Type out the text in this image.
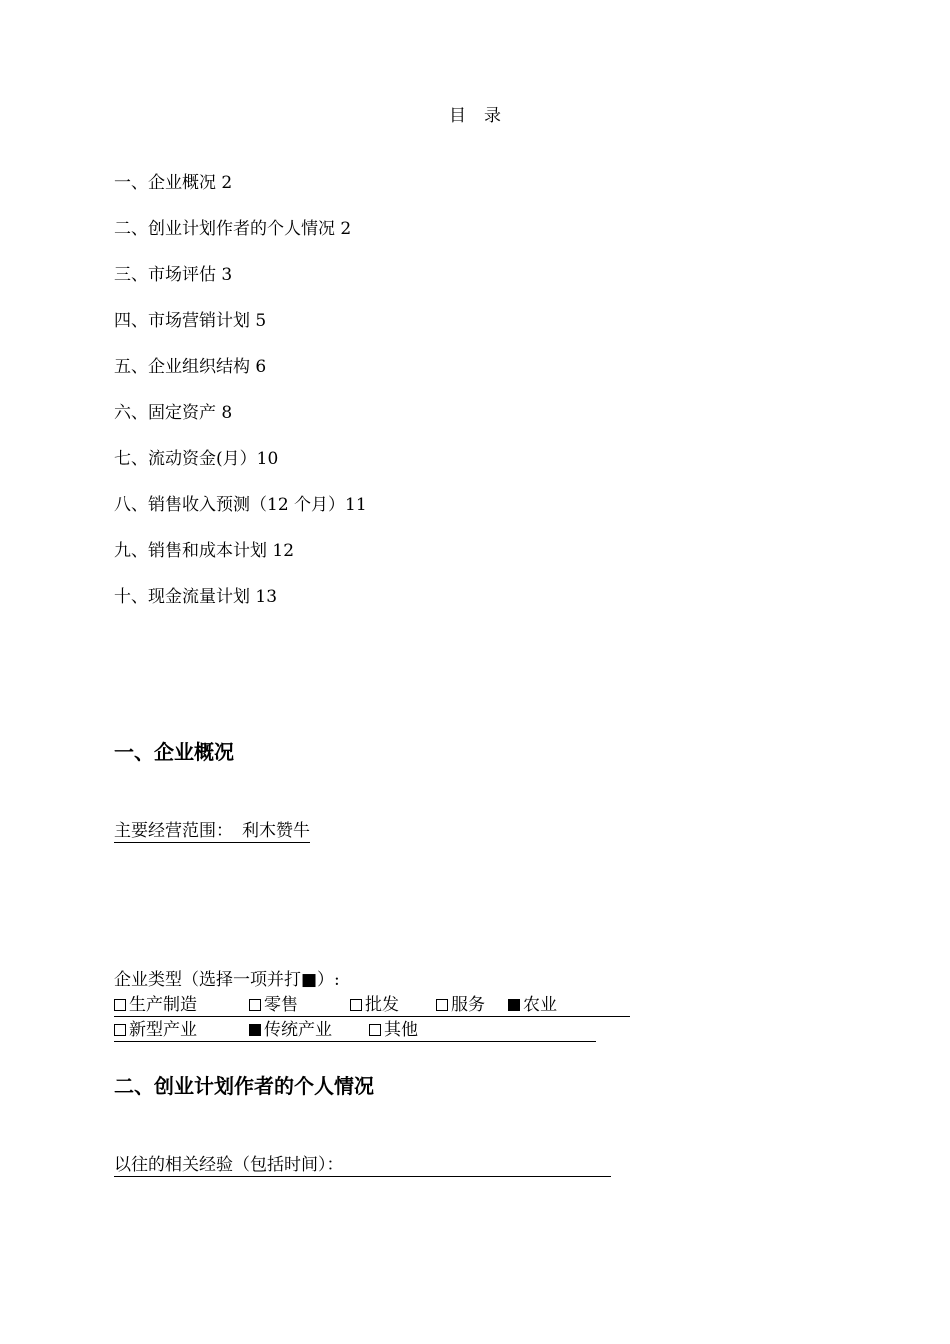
目 录
一、企业概况 2
二、创业计划作者的个人情况 2
三、市场评估 3
四、市场营销计划 5
五、企业组织结构 6
六、固定资产 8
七、流动资金(月）10
八、销售收入预测（12 个月）11
九、销售和成本计划 12
十、现金流量计划 13
一、企业概况
主要经营范围： 利木赞牛
企业类型（选择一项并打■）:
生产制造	零售	批发	服务 农业
新型产业	传统产业	其他
二、创业计划作者的个人情况
以往的相关经验（包括时间）：
